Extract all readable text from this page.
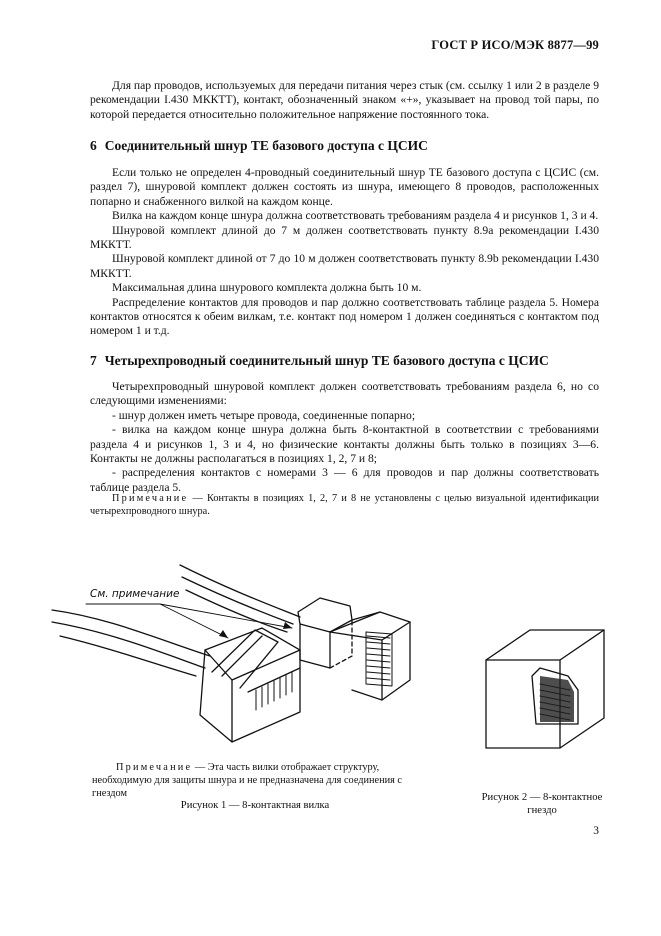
ГОСТ Р ИСО/МЭК 8877—99
Для пар проводов, используемых для передачи питания через стык (см. ссылку 1 или 2 в разделе 9 рекомендации I.430 МККТТ), контакт, обозначенный знаком «+», указывает на провод той пары, по которой передается относительно положительное напряжение постоянного тока.
6 Соединительный шнур ТЕ базового доступа с ЦСИС

Если только не определен 4-проводный соединительный шнур ТЕ базового доступа с ЦСИС (см. раздел 7), шнуровой комплект должен состоять из шнура, имеющего 8 проводов, расположенных попарно и снабженного вилкой на каждом конце.

Вилка на каждом конце шнура должна соответствовать требованиям раздела 4 и рисунков 1, 3 и 4.

Шнуровой комплект длиной до 7 м должен соответствовать пункту 8.9а рекомендации I.430 МККТТ.

Шнуровой комплект длиной от 7 до 10 м должен соответствовать пункту 8.9b рекомендации I.430 МККТТ.

Максимальная длина шнурового комплекта должна быть 10 м.

Распределение контактов для проводов и пар должно соответствовать таблице раздела 5. Номера контактов относятся к обеим вилкам, т.е. контакт под номером 1 должен соединяться с контактом под номером 1 и т.д.

7 Четырехпроводный соединительный шнур ТЕ базового доступа с ЦСИС

Четырехпроводный шнуровой комплект должен соответствовать требованиям раздела 6, но со следующими изменениями:

- шнур должен иметь четыре провода, соединенные попарно;

- вилка на каждом конце шнура должна быть 8-контактной в соответствии с требованиями раздела 4 и рисунков 1, 3 и 4, но физические контакты должны быть только в позициях 3—6. Контакты не должны располагаться в позициях 1, 2, 7 и 8;

- распределения контактов с номерами 3 — 6 для проводов и пар должны соответствовать таблице раздела 5.

Примечание — Контакты в позициях 1, 2, 7 и 8 не установлены с целью визуальной идентификации четырехпроводного шнура.
См. примечание
Примечание — Эта часть вилки отображает структуру, необходимую для защиты шнура и не предназначена для соединения с гнездом
Рисунок 1 — 8-контактная вилка
Рисунок 2 — 8-контактное
гнездо
3
